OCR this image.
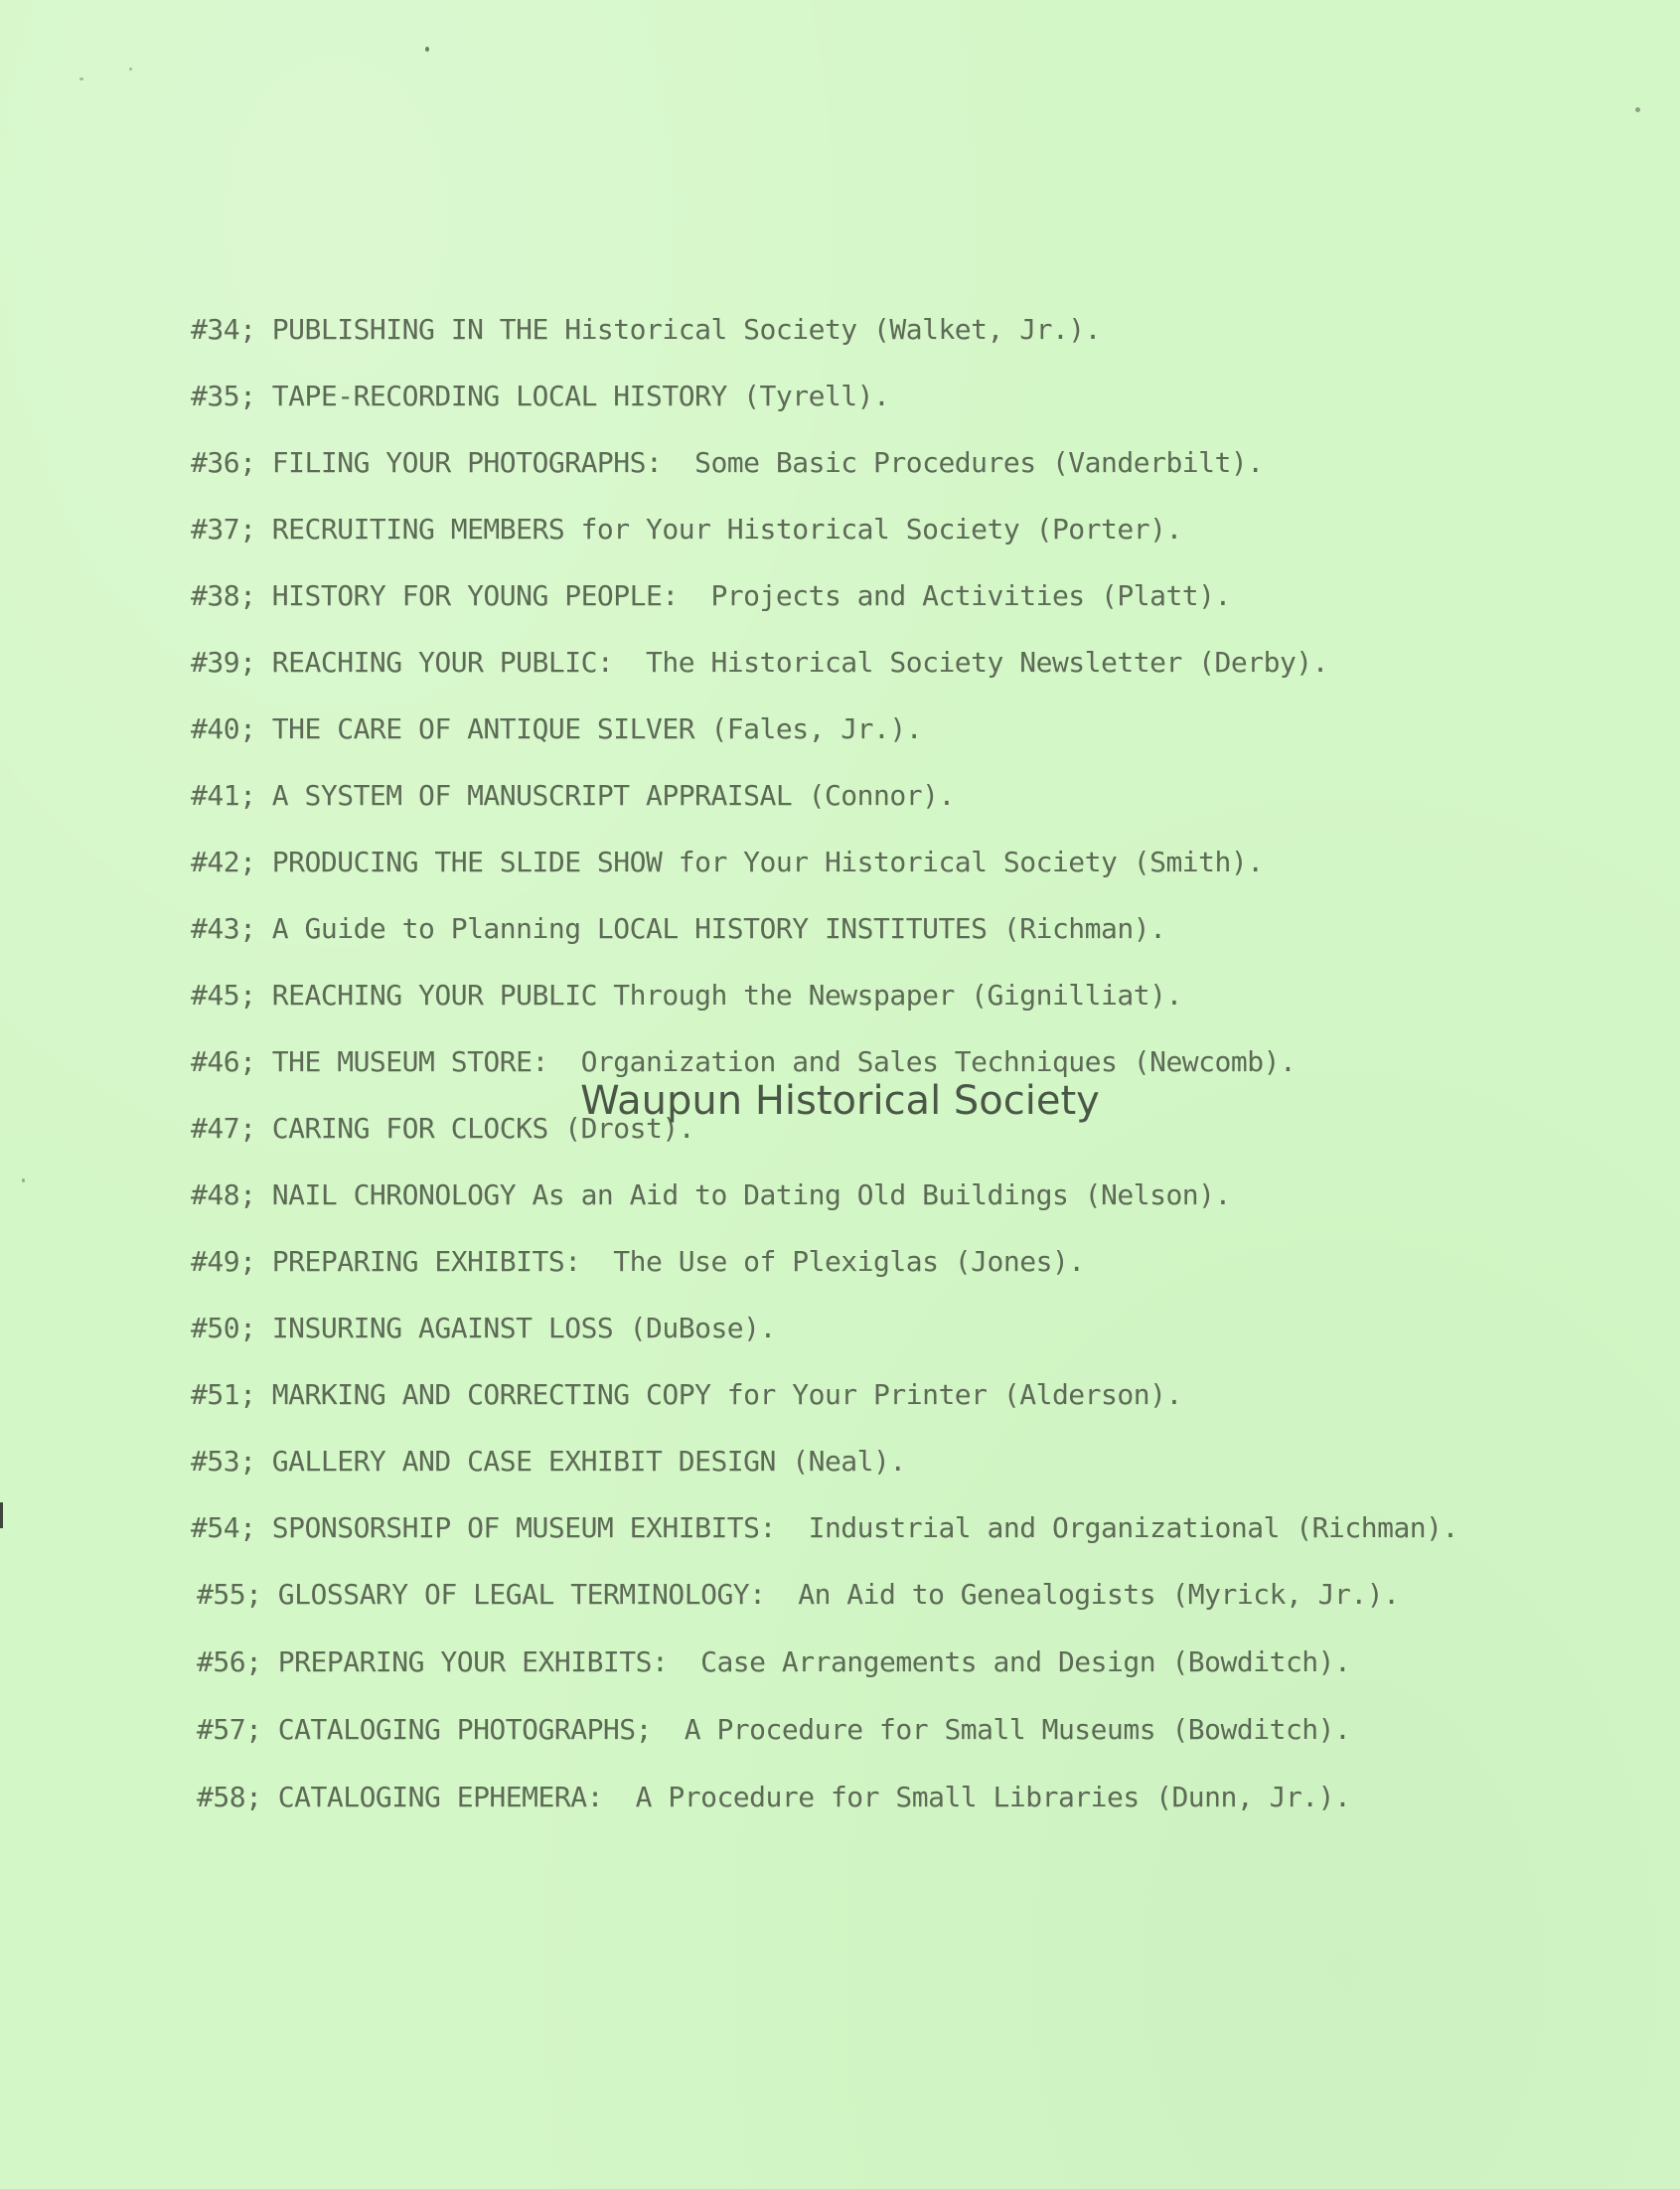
#34; PUBLISHING IN THE Historical Society (Walket, Jr.).
#35; TAPE-RECORDING LOCAL HISTORY (Tyrell).
#36; FILING YOUR PHOTOGRAPHS:  Some Basic Procedures (Vanderbilt).
#37; RECRUITING MEMBERS for Your Historical Society (Porter).
#38; HISTORY FOR YOUNG PEOPLE:  Projects and Activities (Platt).
#39; REACHING YOUR PUBLIC:  The Historical Society Newsletter (Derby).
#40; THE CARE OF ANTIQUE SILVER (Fales, Jr.).
#41; A SYSTEM OF MANUSCRIPT APPRAISAL (Connor).
#42; PRODUCING THE SLIDE SHOW for Your Historical Society (Smith).
#43; A Guide to Planning LOCAL HISTORY INSTITUTES (Richman).
#45; REACHING YOUR PUBLIC Through the Newspaper (Gignilliat).
#46; THE MUSEUM STORE:  Organization and Sales Techniques (Newcomb).
#47; CARING FOR CLOCKS (Drost).
#48; NAIL CHRONOLOGY As an Aid to Dating Old Buildings (Nelson).
#49; PREPARING EXHIBITS:  The Use of Plexiglas (Jones).
#50; INSURING AGAINST LOSS (DuBose).
#51; MARKING AND CORRECTING COPY for Your Printer (Alderson).
#53; GALLERY AND CASE EXHIBIT DESIGN (Neal).
#54; SPONSORSHIP OF MUSEUM EXHIBITS:  Industrial and Organizational (Richman).
#55; GLOSSARY OF LEGAL TERMINOLOGY:  An Aid to Genealogists (Myrick, Jr.).
#56; PREPARING YOUR EXHIBITS:  Case Arrangements and Design (Bowditch).
#57; CATALOGING PHOTOGRAPHS;  A Procedure for Small Museums (Bowditch).
#58; CATALOGING EPHEMERA:  A Procedure for Small Libraries (Dunn, Jr.).
Waupun Historical Society
